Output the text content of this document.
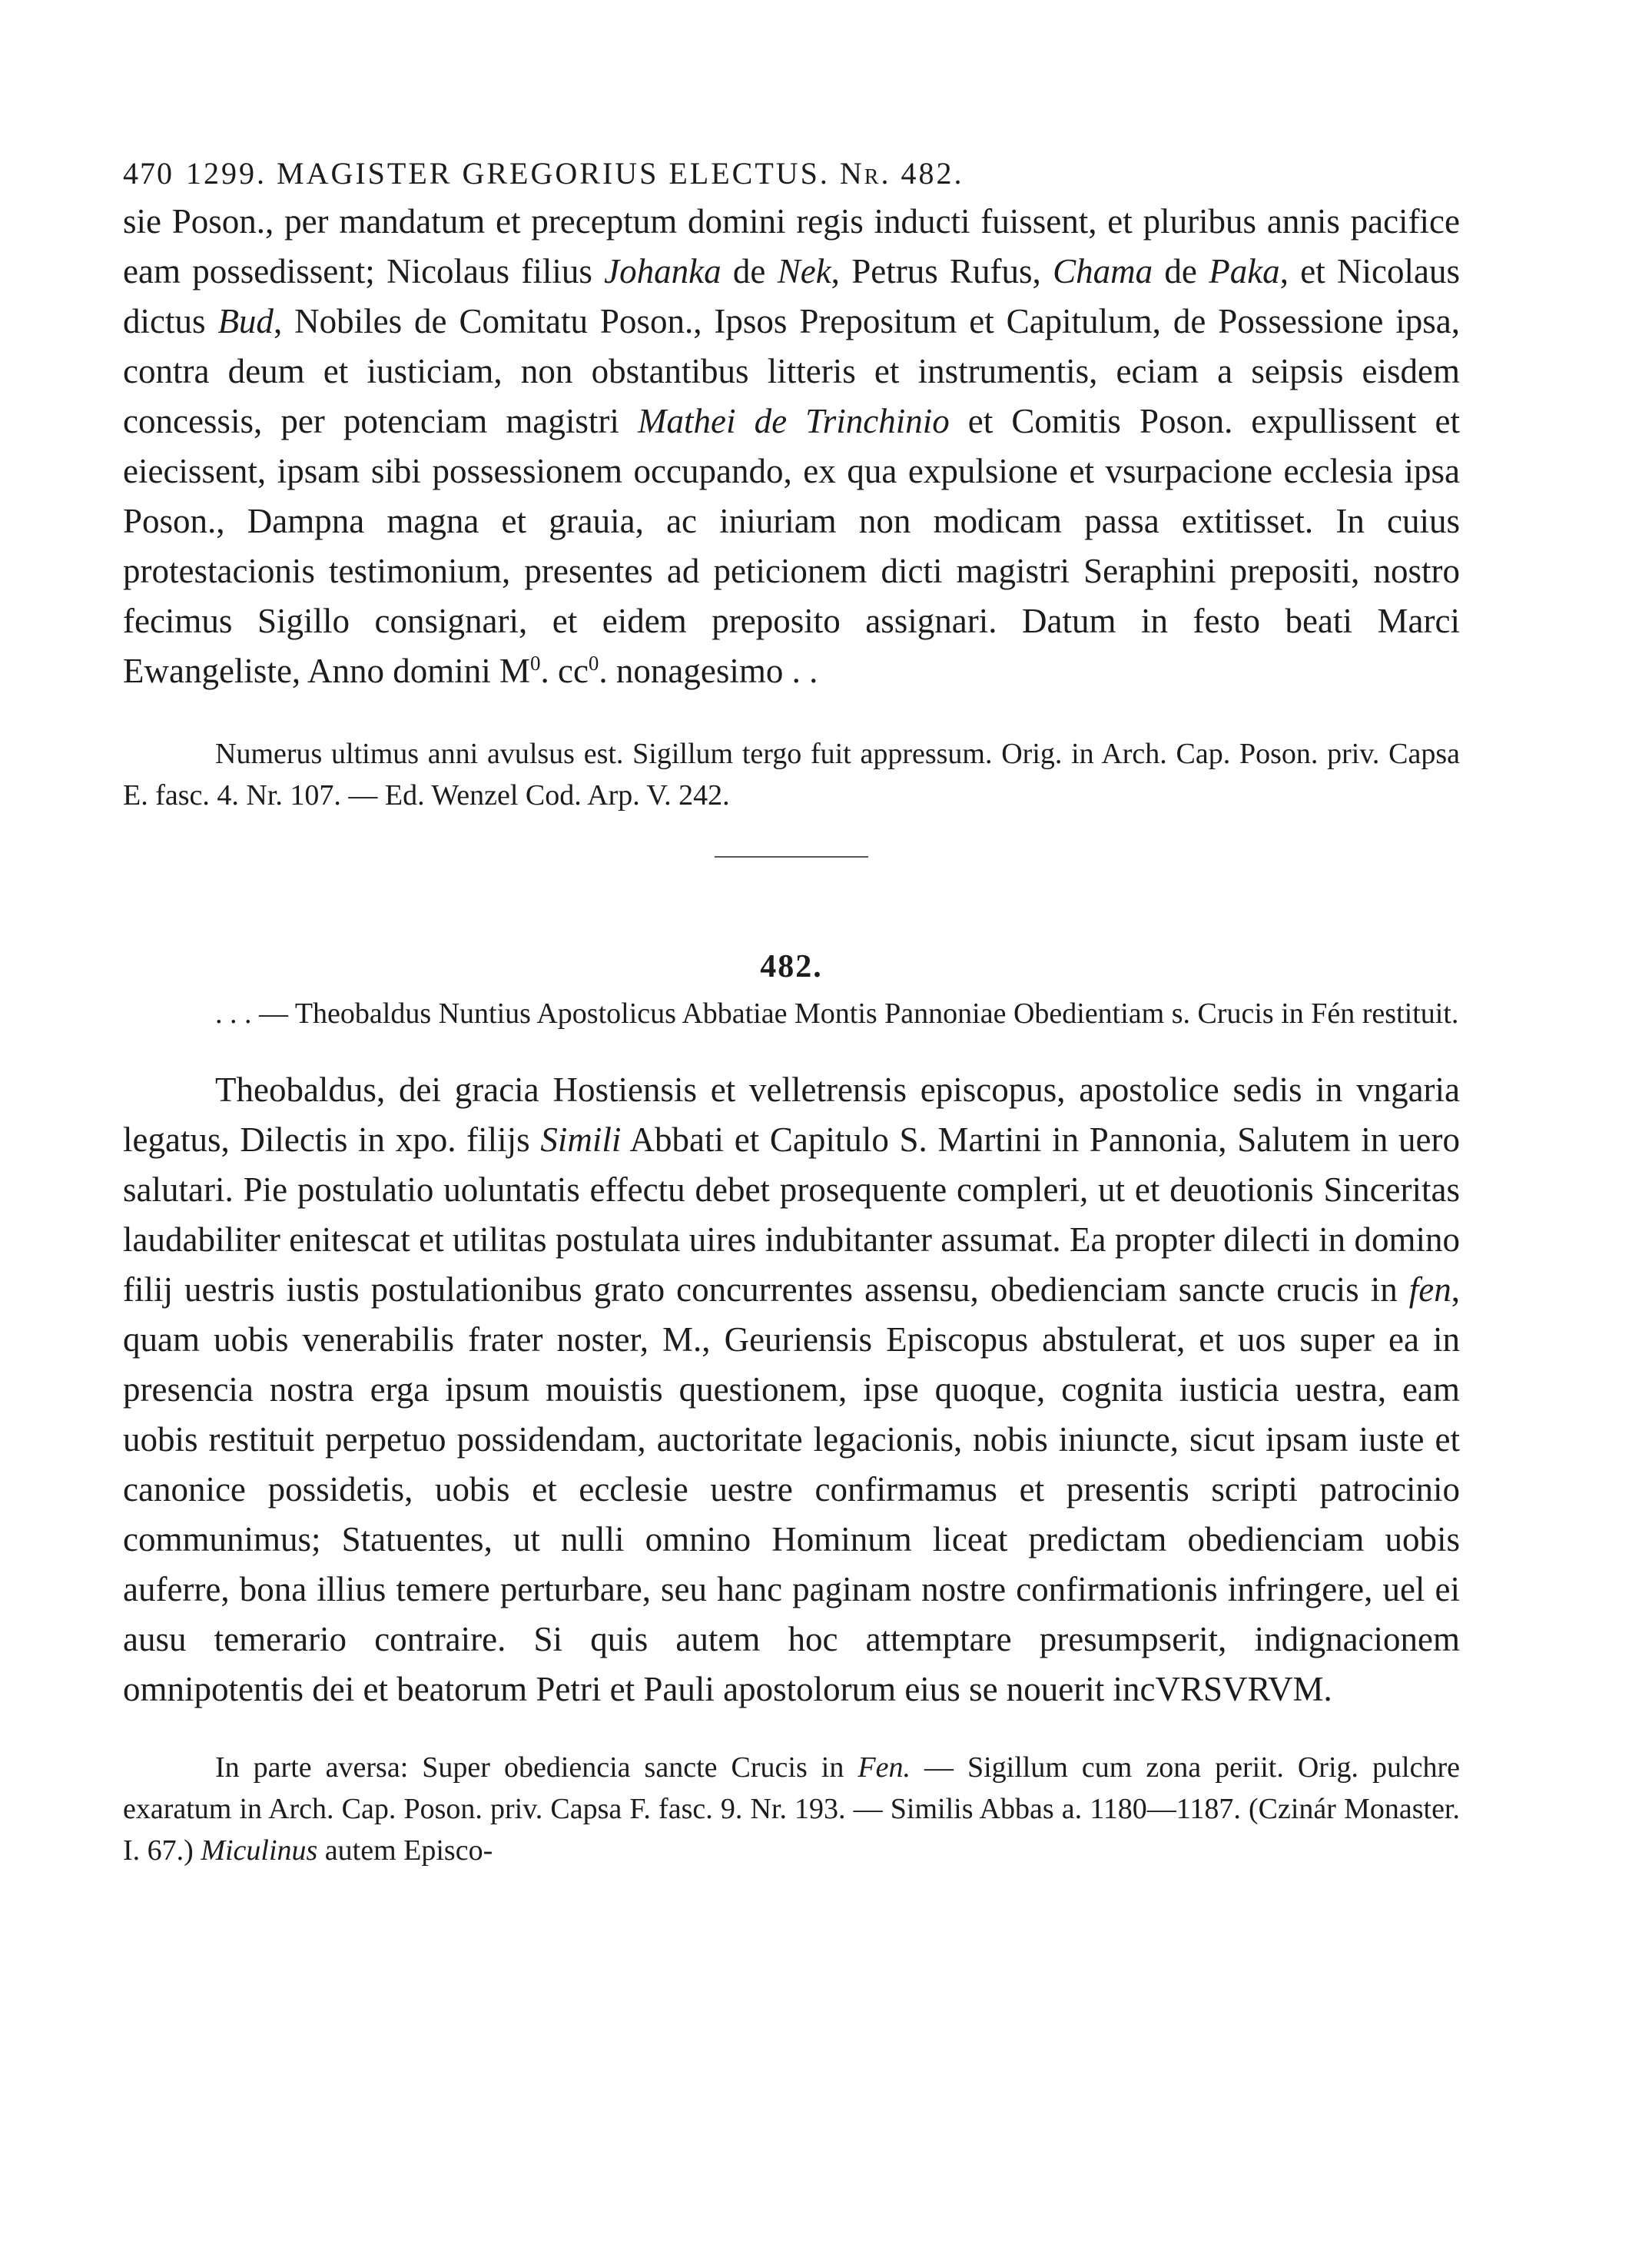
470 1299. MAGISTER GREGORIUS ELECTUS. Nr. 482.

sie Poson., per mandatum et preceptum domini regis inducti fuissent, et pluribus annis pacifice eam possedissent; Nicolaus filius Johanka de Nek, Petrus Rufus, Chama de Paka, et Nicolaus dictus Bud, Nobiles de Comitatu Poson., Ipsos Prepositum et Capitulum, de Possessione ipsa, contra deum et iusticiam, non obstantibus litteris et instrumentis, eciam a seipsis eisdem concessis, per potenciam magistri Mathei de Trinchinio et Comitis Poson. expullissent et eiecissent, ipsam sibi possessionem occupando, ex qua expulsione et vsurpacione ecclesia ipsa Poson., Dampna magna et grauia, ac iniuriam non modicam passa extitisset. In cuius protestacionis testimonium, presentes ad peticionem dicti magistri Seraphini prepositi, nostro fecimus Sigillo consignari, et eidem preposito assignari. Datum in festo beati Marci Ewangeliste, Anno domini $M^0$. $cc^0$. nonagesimo . .

Numerus ultimus anni avulsus est. Sigillum tergo fuit appressum. Orig. in Arch. Cap. Poson. priv. Capsa E. fasc. 4. Nr. 107. — Ed. Wenzel Cod. Arp. V. 242.

482.

. . . — Theobaldus Nuntius Apostolicus Abbatiae Montis Pannoniae Obedientiam s. Crucis in Fén restituit.

Theobaldus, dei gracia Hostiensis et velletrensis episcopus, apostolice sedis in vngaria legatus, Dilectis in xpo. filijs Simili Abbati et Capitulo S. Martini in Pannonia, Salutem in uero salutari. Pie postulatio uoluntatis effectu debet prosequente compleri, ut et deuotionis Sinceritas laudabiliter enitescat et utilitas postulata uires indubitanter assumat. Ea propter dilecti in domino filij uestris iustis postulationibus grato concurrentes assensu, obedienciam sancte crucis in fen, quam uobis venerabilis frater noster, M., Geuriensis Episcopus abstulerat, et uos super ea in presencia nostra erga ipsum mouistis questionem, ipse quoque, cognita iusticia uestra, eam uobis restituit perpetuo possidendam, auctoritate legacionis, nobis iniuncte, sicut ipsam iuste et canonice possidetis, uobis et ecclesie uestre confirmamus et presentis scripti patrocinio communimus; Statuentes, ut nulli omnino Hominum liceat predictam obedienciam uobis auferre, bona illius temere perturbare, seu hanc paginam nostre confirmationis infringere, uel ei ausu temerario contraire. Si quis autem hoc attemptare presumpserit, indignacionem omnipotentis dei et beatorum Petri et Pauli apostolorum eius se nouerit incVRSVRVM.

In parte aversa: Super obediencia sancte Crucis in Fen. — Sigillum cum zona periit. Orig. pulchre exaratum in Arch. Cap. Poson. priv. Capsa F. fasc. 9. Nr. 193. — Similis Abbas a. 1180—1187. (Czinár Monaster. I. 67.) Miculinus autem Episco-
